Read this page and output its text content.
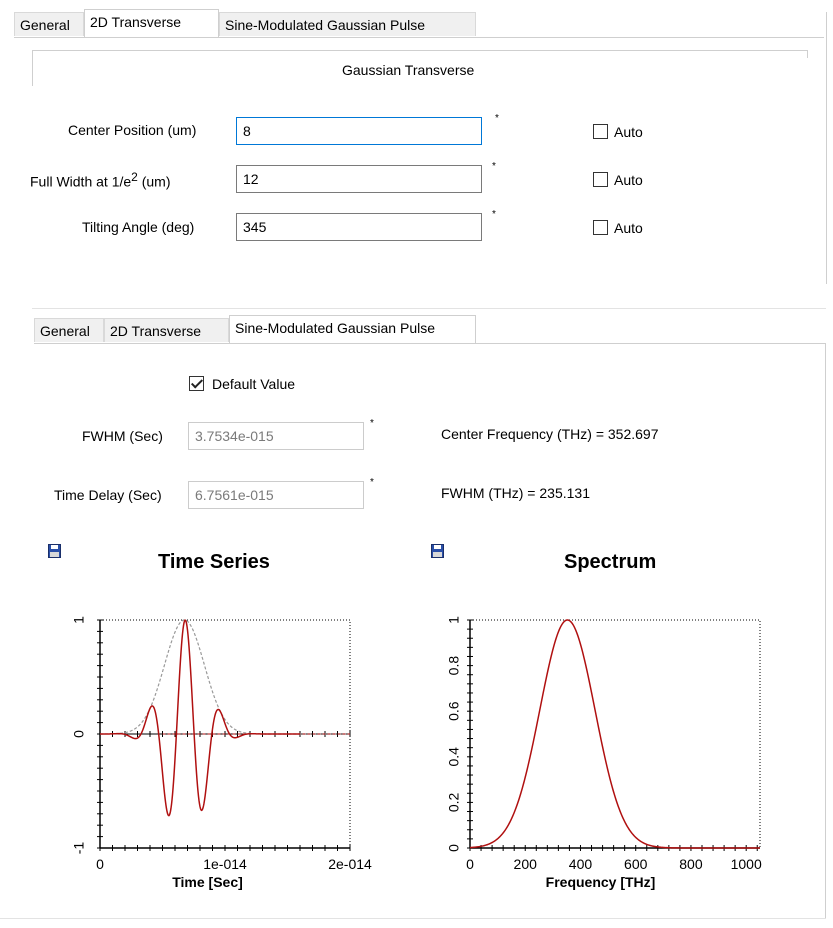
General	2D Transverse	Sine-Modulated Gaussian Pulse
Gaussian Transverse
Center Position (um)
8
*
Auto
Full Width at $1/e^2$ (um)
12
*
Auto
Tilting Angle (deg)
345
*
Auto
General	2D Transverse	Sine-Modulated Gaussian Pulse
Default Value
FWHM (Sec)
3.7534e-015
*
Center Frequency (THz) = 352.697
Time Delay (Sec)
6.7561e-015
*
FWHM (THz) = 235.131
Time Series	Spectrum
-1
0
1
0	1e-014	2e-014
Time [Sec]
0
0.2
0.4
0.6
0.8
1
0	200 400 600 800 1000
Frequency [THz]
